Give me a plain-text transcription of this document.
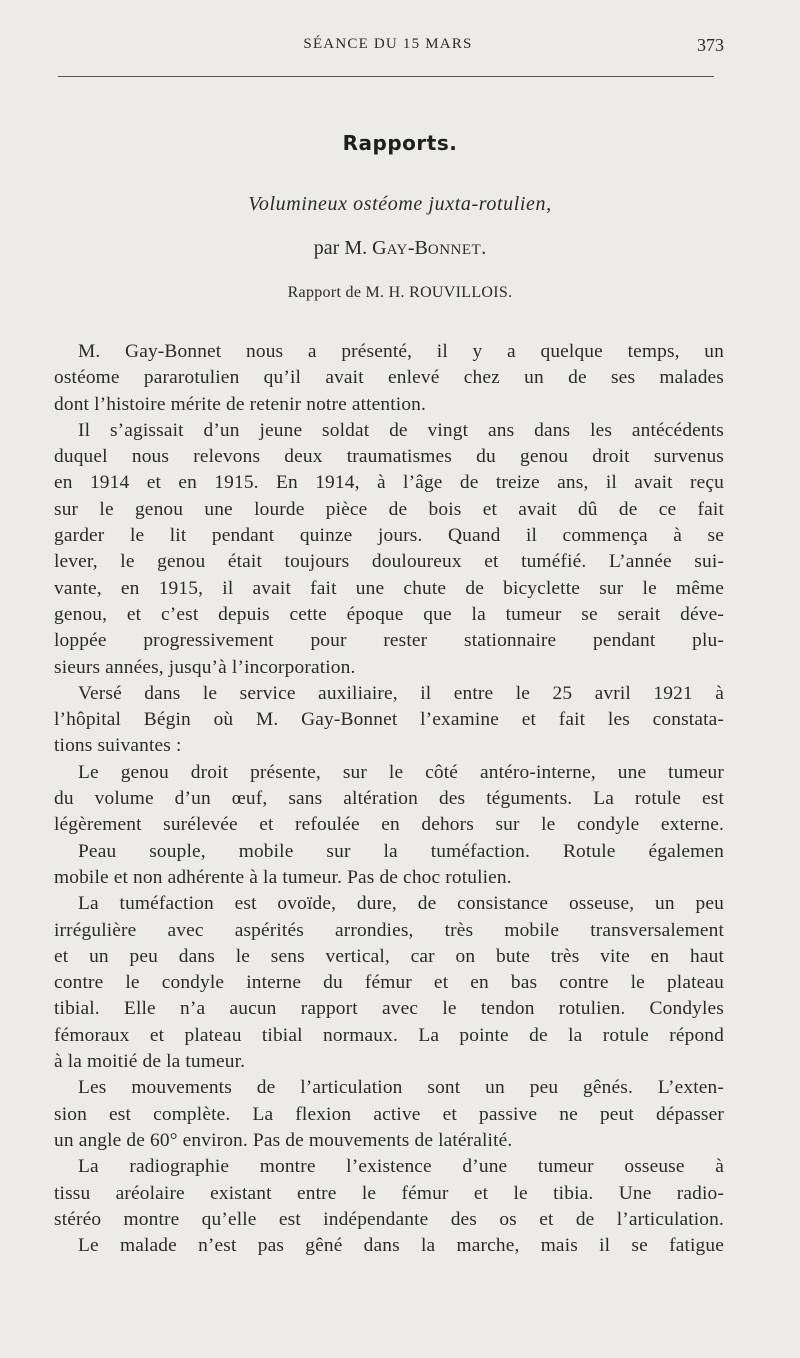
SÉANCE DU 15 MARS	373
Rapports.
Volumineux ostéome juxta-rotulien,
par M. GAY-BONNET.
Rapport de M. H. ROUVILLOIS.
M. Gay-Bonnet nous a présenté, il y a quelque temps, un
ostéome pararotulien qu’il avait enlevé chez un de ses malades
dont l’histoire mérite de retenir notre attention.
Il s’agissait d’un jeune soldat de vingt ans dans les antécédents
duquel nous relevons deux traumatismes du genou droit survenus
en 1914 et en 1915. En 1914, à l’âge de treize ans, il avait reçu
sur le genou une lourde pièce de bois et avait dû de ce fait
garder le lit pendant quinze jours. Quand il commença à se
lever, le genou était toujours douloureux et tuméfié. L’année sui-
vante, en 1915, il avait fait une chute de bicyclette sur le même
genou, et c’est depuis cette époque que la tumeur se serait déve-
loppée progressivement pour rester stationnaire pendant plu-
sieurs années, jusqu’à l’incorporation.
Versé dans le service auxiliaire, il entre le 25 avril 1921 à
l’hôpital Bégin où M. Gay-Bonnet l’examine et fait les constata-
tions suivantes :
Le genou droit présente, sur le côté antéro-interne, une tumeur
du volume d’un œuf, sans altération des téguments. La rotule est
légèrement surélevée et refoulée en dehors sur le condyle externe.
Peau souple, mobile sur la tuméfaction. Rotule égalemen
mobile et non adhérente à la tumeur. Pas de choc rotulien.
La tuméfaction est ovoïde, dure, de consistance osseuse, un peu
irrégulière avec aspérités arrondies, très mobile transversalement
et un peu dans le sens vertical, car on bute très vite en haut
contre le condyle interne du fémur et en bas contre le plateau
tibial. Elle n’a aucun rapport avec le tendon rotulien. Condyles
fémoraux et plateau tibial normaux. La pointe de la rotule répond
à la moitié de la tumeur.
Les mouvements de l’articulation sont un peu gênés. L’exten-
sion est complète. La flexion active et passive ne peut dépasser
un angle de 60° environ. Pas de mouvements de latéralité.
La radiographie montre l’existence d’une tumeur osseuse à
tissu aréolaire existant entre le fémur et le tibia. Une radio-
stéréo montre qu’elle est indépendante des os et de l’articulation.
Le malade n’est pas gêné dans la marche, mais il se fatigue
